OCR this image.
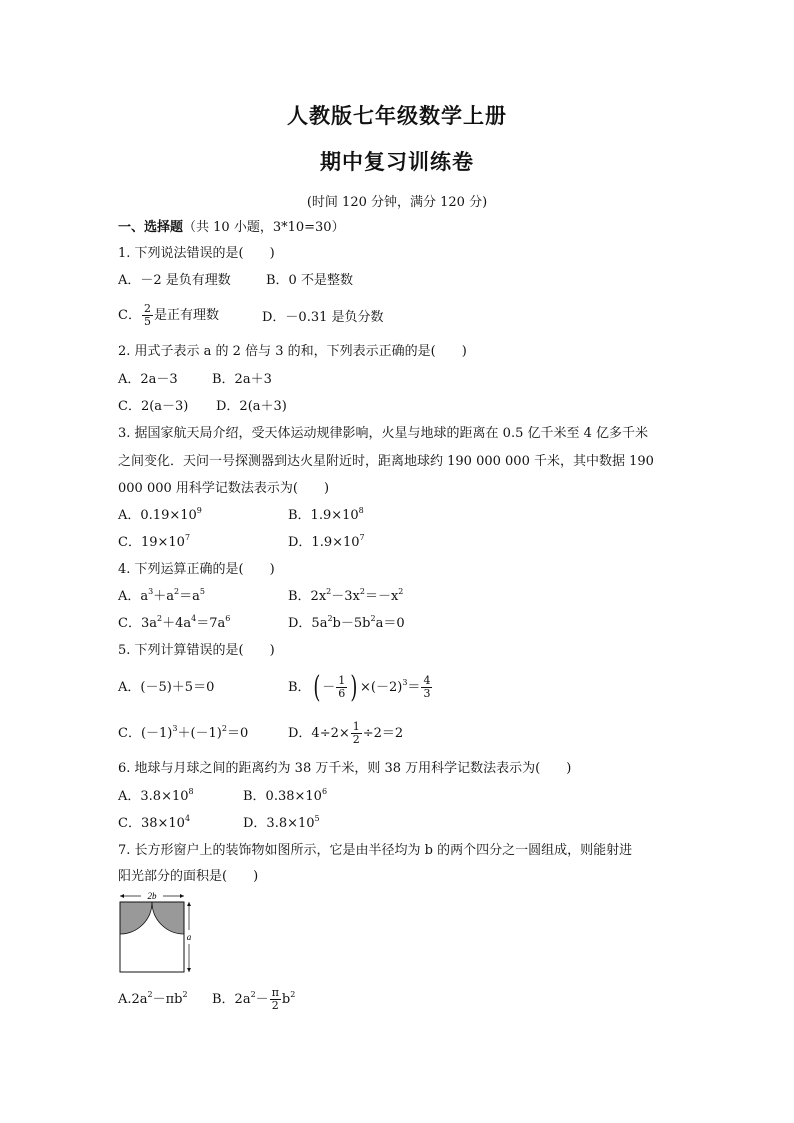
人教版七年级数学上册
期中复习训练卷
(时间 120 分钟，满分 120 分)
一、选择题（共 10 小题，3*10=30）
1. 下列说法错误的是(　　)
A．－2 是负有理数	B．0 不是整数
C． $\frac{2}{5}$ 是正有理数	D．－0.31 是负分数
2. 用式子表示 a 的 2 倍与 3 的和，下列表示正确的是(　　)
A．2a－3	B．2a＋3
C．2(a－3) D．2(a＋3)
3. 据国家航天局介绍，受天体运动规律影响，火星与地球的距离在 0.5 亿千米至 4 亿多千米
之间变化．天问一号探测器到达火星附近时，距离地球约 190 000 000 千米，其中数据 190
000 000 用科学记数法表示为(　　)
A．$0.19\times 10^9$	B．$1.9\times 10^8$
C．$19\times 10^7$	D．$1.9\times 10^7$
4. 下列运算正确的是(　　)
A．$a^3+a^2=a^5$	B．$2x^2-3x^2=-x^2$
C．$3a^2+4a^4=7a^6$	D．$5a^2b-5b^2a=0$
5. 下列计算错误的是(　　)
A．(－5)＋5＝0	B．( － $\frac{1}{6}$ ) $\times(-2)^3= \frac{4}{3}$
C．$(-1)^3+(-1)^2=0$	D．$4\div 2\times \frac{1}{2} \div 2=2$
6. 地球与月球之间的距离约为 38 万千米，则 38 万用科学记数法表示为(　　)
A．$3.8\times 10^8$	B．$0.38\times 10^6$
C．$38\times 10^4$	D．$3.8\times 10^5$
7. 长方形窗户上的装饰物如图所示，它是由半径均为 b 的两个四分之一圆组成，则能射进
阳光部分的面积是(　　)
2b
a
$A.2a^2-\pi b^2$ B．$2a^2- \frac{\pi}{2} b^2$
